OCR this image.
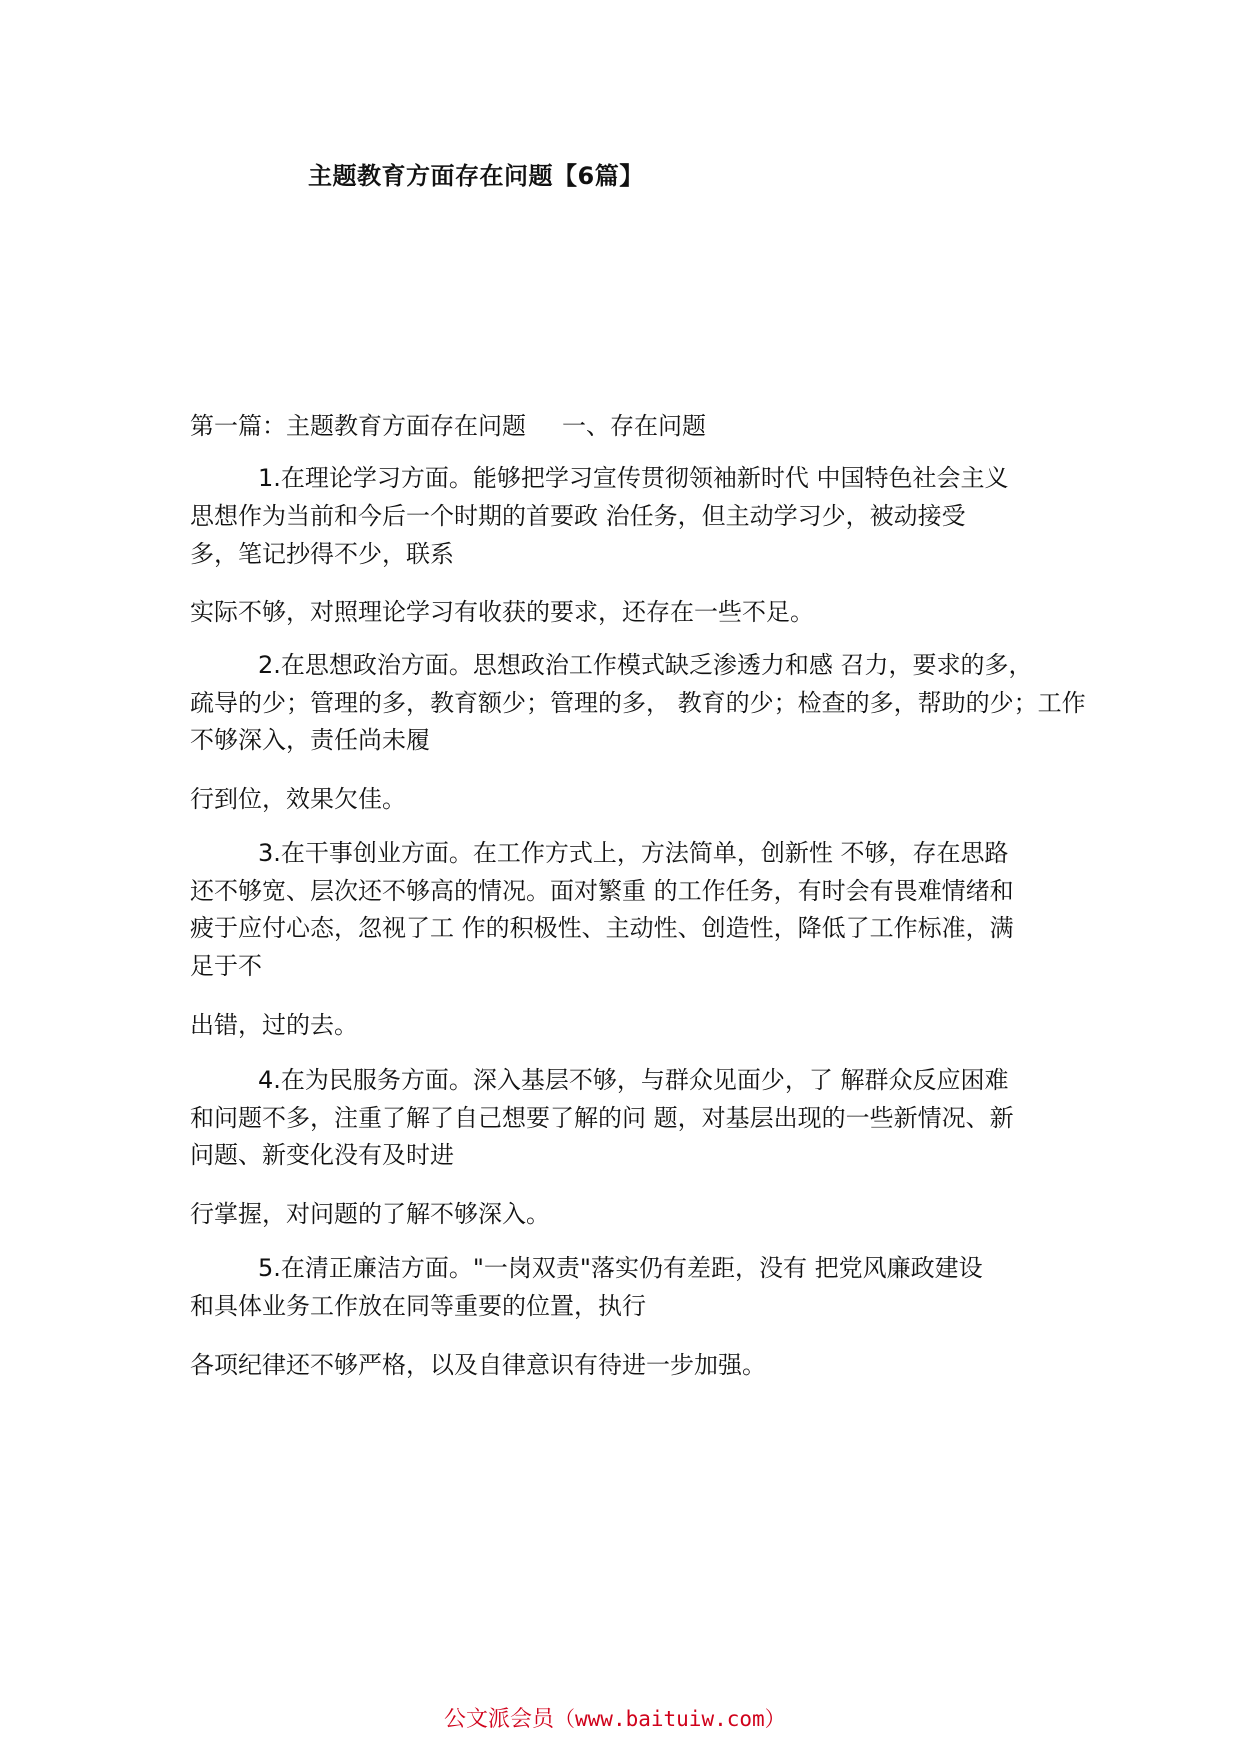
主题教育方面存在问题【6篇】

第一篇：主题教育方面存在问题 一、存在问题

1.在理论学习方面。能够把学习宣传贯彻领袖新时代 中国特色社会主义

思想作为当前和今后一个时期的首要政 治任务，但主动学习少，被动接受

多，笔记抄得不少，联系

实际不够，对照理论学习有收获的要求，还存在一些不足。

2.在思想政治方面。思想政治工作模式缺乏渗透力和感 召力，要求的多，

疏导的少；管理的多，教育额少；管理的多， 教育的少；检查的多，帮助的少；工作

不够深入，责任尚未履

行到位，效果欠佳。

3.在干事创业方面。在工作方式上，方法简单，创新性 不够，存在思路

还不够宽、层次还不够高的情况。面对繁重 的工作任务，有时会有畏难情绪和

疲于应付心态，忽视了工 作的积极性、主动性、创造性，降低了工作标准，满

足于不

出错，过的去。

4.在为民服务方面。深入基层不够，与群众见面少，了 解群众反应困难

和问题不多，注重了解了自己想要了解的问 题，对基层出现的一些新情况、新

问题、新变化没有及时进

行掌握，对问题的了解不够深入。

5.在清正廉洁方面。"一岗双责"落实仍有差距，没有 把党风廉政建设

和具体业务工作放在同等重要的位置，执行

各项纪律还不够严格，以及自律意识有待进一步加强。

公文派会员（www.baituiw.com）
